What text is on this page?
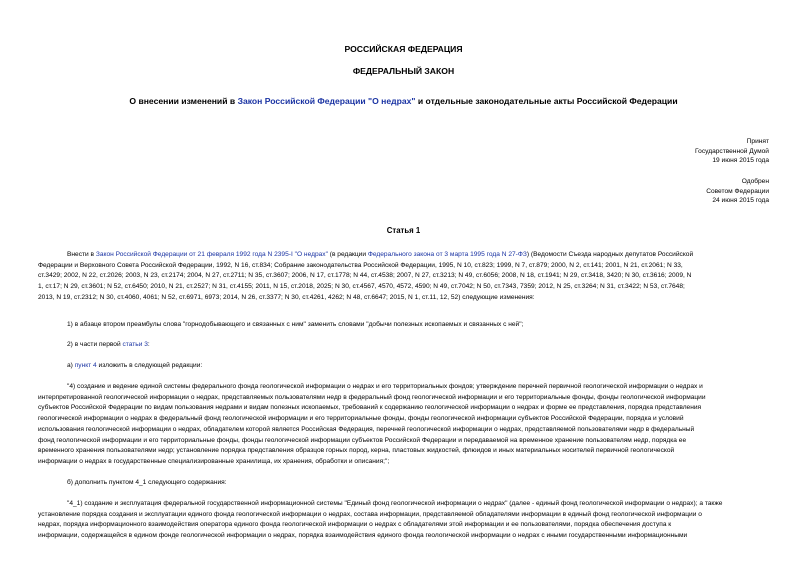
РОССИЙСКАЯ ФЕДЕРАЦИЯ
ФЕДЕРАЛЬНЫЙ ЗАКОН
О внесении изменений в Закон Российской Федерации "О недрах" и отдельные законодательные акты Российской Федерации
Принят
Государственной Думой
19 июня 2015 года
Одобрен
Советом Федерации
24 июня 2015 года
Статья 1
Внести в Закон Российской Федерации от 21 февраля 1992 года N 2395-I "О недрах" (в редакции Федерального закона от 3 марта 1995 года N 27-ФЗ) (Ведомости Съезда народных депутатов Российской
Федерации и Верховного Совета Российской Федерации, 1992, N 16, ст.834; Собрание законодательства Российской Федерации, 1995, N 10, ст.823; 1999, N 7, ст.879; 2000, N 2, ст.141; 2001, N 21, ст.2061; N 33,
ст.3429; 2002, N 22, ст.2026; 2003, N 23, ст.2174; 2004, N 27, ст.2711; N 35, ст.3607; 2006, N 17, ст.1778; N 44, ст.4538; 2007, N 27, ст.3213; N 49, ст.6056; 2008, N 18, ст.1941; N 29, ст.3418, 3420; N 30, ст.3616; 2009, N
1, ст.17; N 29, ст.3601; N 52, ст.6450; 2010, N 21, ст.2527; N 31, ст.4155; 2011, N 15, ст.2018, 2025; N 30, ст.4567, 4570, 4572, 4590; N 49, ст.7042; N 50, ст.7343, 7359; 2012, N 25, ст.3264; N 31, ст.3422; N 53, ст.7648;
2013, N 19, ст.2312; N 30, ст.4060, 4061; N 52, ст.6971, 6973; 2014, N 26, ст.3377; N 30, ст.4261, 4262; N 48, ст.6647; 2015, N 1, ст.11, 12, 52) следующие изменения:
1) в абзаце втором преамбулы слова "горнодобывающего и связанных с ним" заменить словами "добычи полезных ископаемых и связанных с ней";
2) в части первой статьи 3:
а) пункт 4 изложить в следующей редакции:
"4) создание и ведение единой системы федерального фонда геологической информации о недрах и его территориальных фондов; утверждение перечней первичной геологической информации о недрах и
интерпретированной геологической информации о недрах, представляемых пользователями недр в федеральный фонд геологической информации и его территориальные фонды, фонды геологической информации
субъектов Российской Федерации по видам пользования недрами и видам полезных ископаемых, требований к содержанию геологической информации о недрах и форме ее представления, порядка представления
геологической информации о недрах в федеральный фонд геологической информации и его территориальные фонды, фонды геологической информации субъектов Российской Федерации, порядка и условий
использования геологической информации о недрах, обладателем которой является Российская Федерация, перечней геологической информации о недрах, представляемой пользователями недр в федеральный
фонд геологической информации и его территориальные фонды, фонды геологической информации субъектов Российской Федерации и передаваемой на временное хранение пользователям недр, порядка ее
временного хранения пользователями недр; установление порядка представления образцов горных пород, керна, пластовых жидкостей, флюидов и иных материальных носителей первичной геологической
информации о недрах в государственные специализированные хранилища, их хранения, обработки и описания;";
б) дополнить пунктом 4_1 следующего содержания:
"4_1) создание и эксплуатация федеральной государственной информационной системы "Единый фонд геологической информации о недрах" (далее - единый фонд геологической информации о недрах); а также
установление порядка создания и эксплуатации единого фонда геологической информации о недрах, состава информации, представляемой обладателями информации в единый фонд геологической информации о
недрах, порядка информационного взаимодействия оператора единого фонда геологической информации о недрах с обладателями этой информации и ее пользователями, порядка обеспечения доступа к
информации, содержащейся в едином фонде геологической информации о недрах, порядка взаимодействия единого фонда геологической информации о недрах с иными государственными информационными
